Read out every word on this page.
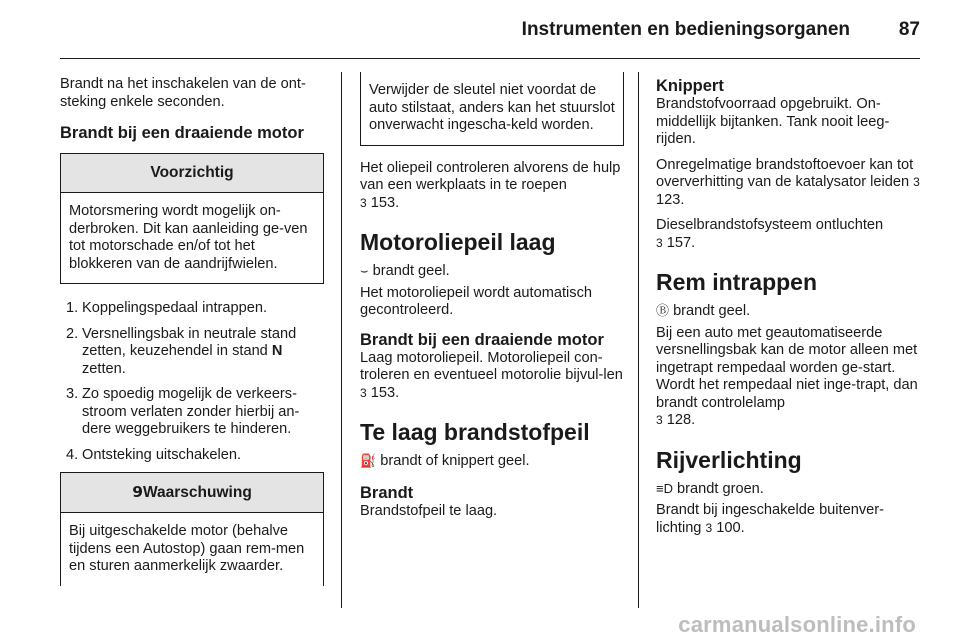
Instrumenten en bedieningsorganen	87

Brandt na het inschakelen van de ont-steking enkele seconden.

Brandt bij een draaiende motor
Voorzichtig
Motorsmering wordt mogelijk on-derbroken. Dit kan aanleiding ge-ven tot motorschade en/of tot het blokkeren van de aandrijfwielen.
1. Koppelingspedaal intrappen.
2. Versnellingsbak in neutrale stand zetten, keuzehendel in stand N zetten.
3. Zo spoedig mogelijk de verkeers-stroom verlaten zonder hierbij an-dere weggebruikers te hinderen.
4. Ontsteking uitschakelen.
9Waarschuwing
Bij uitgeschakelde motor (behalve tijdens een Autostop) gaan rem-men en sturen aanmerkelijk zwaarder.
Verwijder de sleutel niet voordat de auto stilstaat, anders kan het stuurslot onverwacht ingescha-keld worden.

Het oliepeil controleren alvorens de hulp van een werkplaats in te roepen
3 153.

Motoroliepeil laag

⌣ brandt geel.

Het motoroliepeil wordt automatisch gecontroleerd.

Brandt bij een draaiende motor

Laag motoroliepeil. Motoroliepeil con-troleren en eventueel motorolie bijvul-len 3 153.

Te laag brandstofpeil

⛽ brandt of knippert geel.

Brandt

Brandstofpeil te laag.

Knippert

Brandstofvoorraad opgebruikt. On-middellijk bijtanken. Tank nooit leeg-rijden.

Onregelmatige brandstoftoevoer kan tot oververhitting van de katalysator leiden 3 123.

Dieselbrandstofsysteem ontluchten
3 157.

Rem intrappen

Ⓑ brandt geel.

Bij een auto met geautomatiseerde versnellingsbak kan de motor alleen met ingetrapt rempedaal worden ge-start. Wordt het rempedaal niet inge-trapt, dan brandt controlelamp
3 128.

Rijverlichting

≡D brandt groen.

Brandt bij ingeschakelde buitenver-lichting 3 100.

carmanualsonline.info
